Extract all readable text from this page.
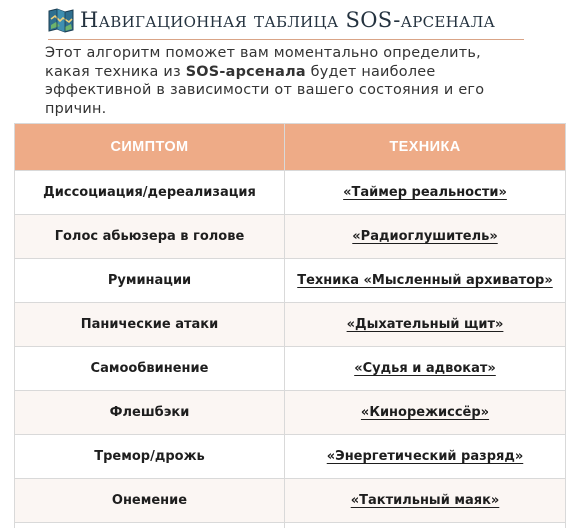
Навигационная таблица SOS-арсенала

Этот алгоритм поможет вам моментально определить, какая техника из SOS-арсенала будет наиболее эффективной в зависимости от вашего состояния и его причин.

СИМПТОМ	ТЕХНИКА
Диссоциация/дереализация	«Таймер реальности»
Голос абьюзера в голове	«Радиоглушитель»
Руминации	Техника «Мысленный архиватор»
Панические атаки	«Дыхательный щит»
Самообвинение	«Судья и адвокат»
Флешбэки	«Кинорежиссёр»
Тремор/дрожь	«Энергетический разряд»
Онемение	«Тактильный маяк»
